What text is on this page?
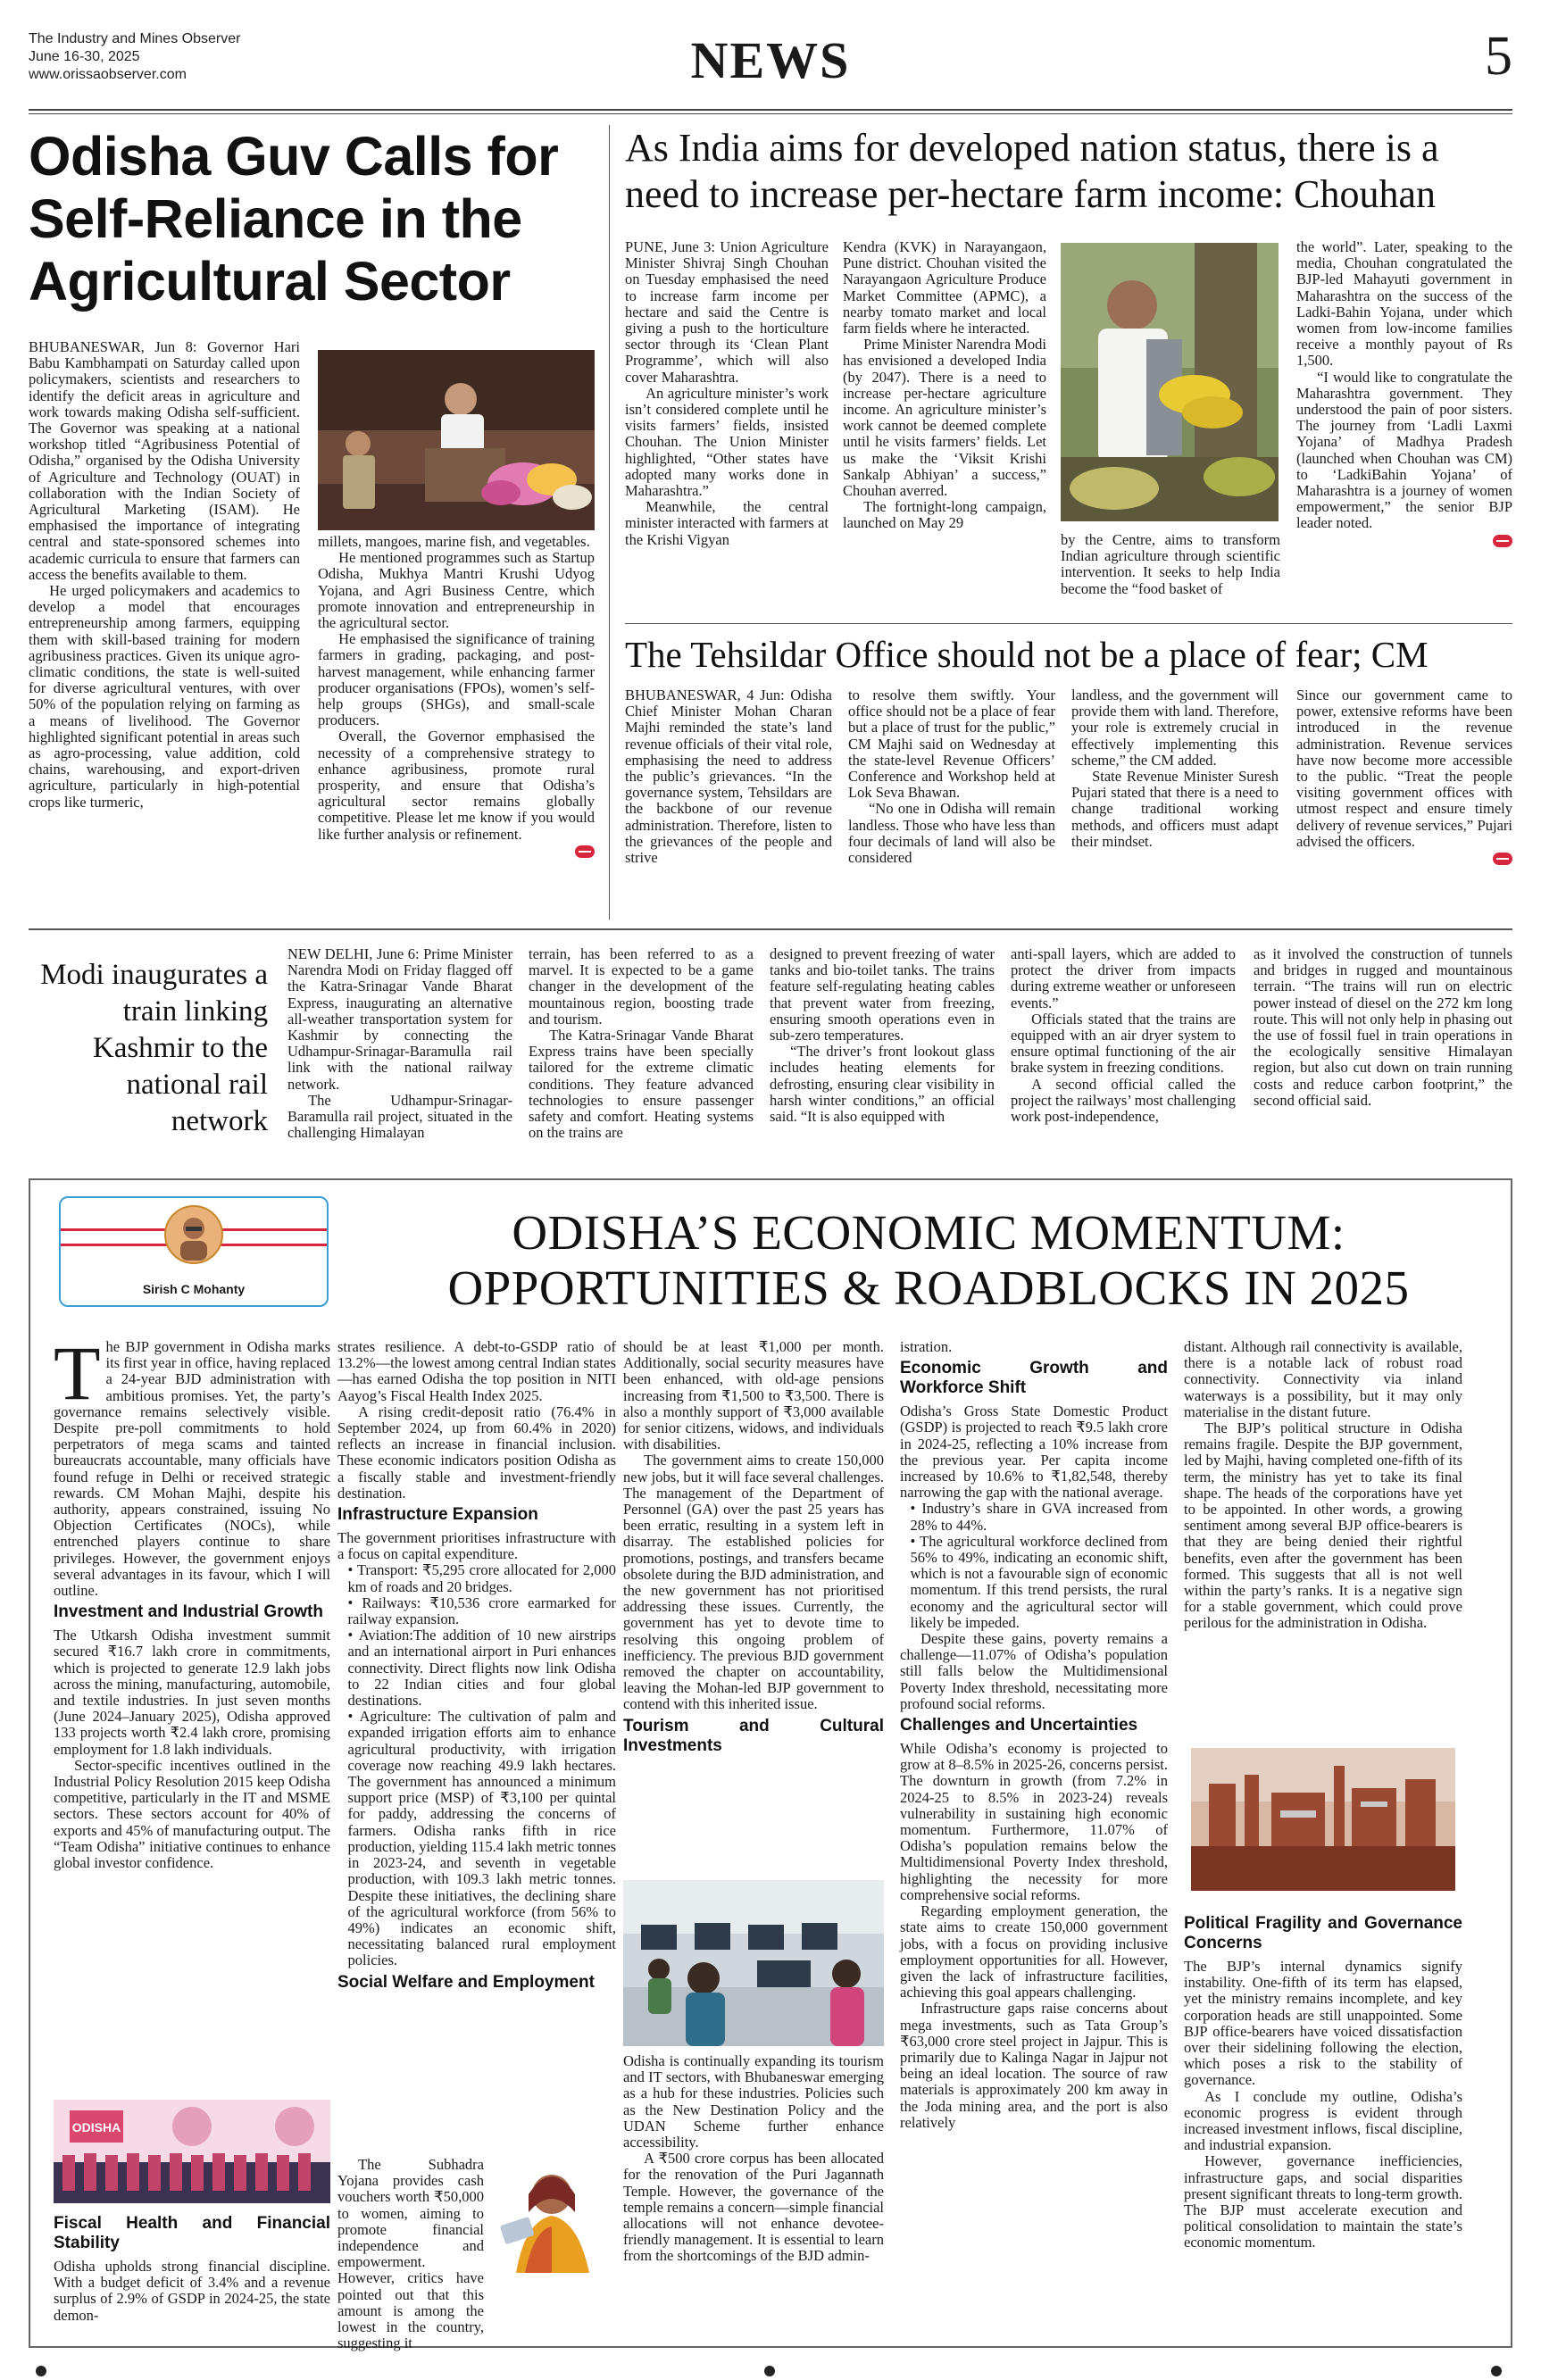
The Industry and Mines Observer
June 16-30, 2025
www.orissaobserver.com	NEWS	5
Odisha Guv Calls for Self-Reliance in the Agricultural Sector

BHUBANESWAR, Jun 8: Governor Hari Babu Kambhampati on Saturday called upon policymakers, scientists and researchers to identify the deficit areas in agriculture and work towards making Odisha self-sufficient. The Governor was speaking at a national workshop titled “Agribusiness Potential of Odisha,” organised by the Odisha University of Agriculture and Technology (OUAT) in collaboration with the Indian Society of Agricultural Marketing (ISAM). He emphasised the importance of integrating central and state-sponsored schemes into academic curricula to ensure that farmers can access the benefits available to them.

He urged policymakers and academics to develop a model that encourages entrepreneurship among farmers, equipping them with skill-based training for modern agribusiness practices. Given its unique agro-climatic conditions, the state is well-suited for diverse agricultural ventures, with over 50% of the population relying on farming as a means of livelihood. The Governor highlighted significant potential in areas such as agro-processing, value addition, cold chains, warehousing, and export-driven agriculture, particularly in high-potential crops like turmeric,

millets, mangoes, marine fish, and vegetables.

He mentioned programmes such as Startup Odisha, Mukhya Mantri Krushi Udyog Yojana, and Agri Business Centre, which promote innovation and entrepreneurship in the agricultural sector.

He emphasised the significance of training farmers in grading, packaging, and post-harvest management, while enhancing farmer producer organisations (FPOs), women’s self-help groups (SHGs), and small-scale producers.

Overall, the Governor emphasised the necessity of a comprehensive strategy to enhance agribusiness, promote rural prosperity, and ensure that Odisha’s agricultural sector remains globally competitive. Please let me know if you would like further analysis or refinement.

As India aims for developed nation status, there is a need to increase per-hectare farm income: Chouhan

PUNE, June 3: Union Agriculture Minister Shivraj Singh Chouhan on Tuesday emphasised the need to increase farm income per hectare and said the Centre is giving a push to the horticulture sector through its ‘Clean Plant Programme’, which will also cover Maharashtra.

An agriculture minister’s work isn’t considered complete until he visits farmers’ fields, insisted Chouhan. The Union Minister highlighted, “Other states have adopted many works done in Maharashtra.”

Meanwhile, the central minister interacted with farmers at the Krishi Vigyan

Kendra (KVK) in Narayangaon, Pune district. Chouhan visited the Narayangaon Agriculture Produce Market Committee (APMC), a nearby tomato market and local farm fields where he interacted.

Prime Minister Narendra Modi has envisioned a developed India (by 2047). There is a need to increase per-hectare agriculture income. An agriculture minister’s work cannot be deemed complete until he visits farmers’ fields. Let us make the ‘Viksit Krishi Sankalp Abhiyan’ a success,” Chouhan averred.

The fortnight-long campaign, launched on May 29

by the Centre, aims to transform Indian agriculture through scientific intervention. It seeks to help India become the “food basket of

the world”. Later, speaking to the media, Chouhan congratulated the BJP-led Mahayuti government in Maharashtra on the success of the Ladki-Bahin Yojana, under which women from low-income families receive a monthly payout of Rs 1,500.

“I would like to congratulate the Maharashtra government. They understood the pain of poor sisters. The journey from ‘Ladli Laxmi Yojana’ of Madhya Pradesh (launched when Chouhan was CM) to ‘LadkiBahin Yojana’ of Maharashtra is a journey of women empowerment,” the senior BJP leader noted.

The Tehsildar Office should not be a place of fear; CM

BHUBANESWAR, 4 Jun: Odisha Chief Minister Mohan Charan Majhi reminded the state’s land revenue officials of their vital role, emphasising the need to address the public’s grievances. “In the governance system, Tehsildars are the backbone of our revenue administration. Therefore, listen to the grievances of the people and strive

to resolve them swiftly. Your office should not be a place of fear but a place of trust for the public,” CM Majhi said on Wednesday at the state-level Revenue Officers’ Conference and Workshop held at Lok Seva Bhawan.

“No one in Odisha will remain landless. Those who have less than four decimals of land will also be considered

landless, and the government will provide them with land. Therefore, your role is extremely crucial in effectively implementing this scheme,” the CM added.

State Revenue Minister Suresh Pujari stated that there is a need to change traditional working methods, and officers must adapt their mindset.

Since our government came to power, extensive reforms have been introduced in the revenue administration. Revenue services have now become more accessible to the public. “Treat the people visiting government offices with utmost respect and ensure timely delivery of revenue services,” Pujari advised the officers.

Modi inaugurates a train linking Kashmir to the national rail network

NEW DELHI, June 6: Prime Minister Narendra Modi on Friday flagged off the Katra-Srinagar Vande Bharat Express, inaugurating an alternative all-weather transportation system for Kashmir by connecting the Udhampur-Srinagar-Baramulla rail link with the national railway network.

The Udhampur-Srinagar-Baramulla rail project, situated in the challenging Himalayan

terrain, has been referred to as a marvel. It is expected to be a game changer in the development of the mountainous region, boosting trade and tourism.

The Katra-Srinagar Vande Bharat Express trains have been specially tailored for the extreme climatic conditions. They feature advanced technologies to ensure passenger safety and comfort. Heating systems on the trains are

designed to prevent freezing of water tanks and bio-toilet tanks. The trains feature self-regulating heating cables that prevent water from freezing, ensuring smooth operations even in sub-zero temperatures.

“The driver’s front lookout glass includes heating elements for defrosting, ensuring clear visibility in harsh winter conditions,” an official said. “It is also equipped with

anti-spall layers, which are added to protect the driver from impacts during extreme weather or unforeseen events.”

Officials stated that the trains are equipped with an air dryer system to ensure optimal functioning of the air brake system in freezing conditions.

A second official called the project the railways’ most challenging work post-independence,

as it involved the construction of tunnels and bridges in rugged and mountainous terrain. “The trains will run on electric power instead of diesel on the 272 km long route. This will not only help in phasing out the use of fossil fuel in train operations in the ecologically sensitive Himalayan region, but also cut down on train running costs and reduce carbon footprint,” the second official said.

Sirish C Mohanty
ODISHA’S ECONOMIC MOMENTUM:
OPPORTUNITIES & ROADBLOCKS IN 2025

The BJP government in Odisha marks its first year in office, having replaced a 24-year BJD administration with ambitious promises. Yet, the party’s governance remains selectively visible. Despite pre-poll commitments to hold perpetrators of mega scams and tainted bureaucrats accountable, many officials have found refuge in Delhi or received strategic rewards. CM Mohan Majhi, despite his authority, appears constrained, issuing No Objection Certificates (NOCs), while entrenched players continue to share privileges. However, the government enjoys several advantages in its favour, which I will outline.

Investment and Industrial Growth

The Utkarsh Odisha investment summit secured ₹16.7 lakh crore in commitments, which is projected to generate 12.9 lakh jobs across the mining, manufacturing, automobile, and textile industries. In just seven months (June 2024–January 2025), Odisha approved 133 projects worth ₹2.4 lakh crore, promising employment for 1.8 lakh individuals.

Sector-specific incentives outlined in the Industrial Policy Resolution 2015 keep Odisha competitive, particularly in the IT and MSME sectors. These sectors account for 40% of exports and 45% of manufacturing output. The “Team Odisha” initiative continues to enhance global investor confidence.

ODISHA
Fiscal Health and Financial Stability

Odisha upholds strong financial discipline. With a budget deficit of 3.4% and a revenue surplus of 2.9% of GSDP in 2024-25, the state demon-

strates resilience. A debt-to-GSDP ratio of 13.2%—the lowest among central Indian states—has earned Odisha the top position in NITI Aayog’s Fiscal Health Index 2025.

A rising credit-deposit ratio (76.4% in September 2024, up from 60.4% in 2020) reflects an increase in financial inclusion. These economic indicators position Odisha as a fiscally stable and investment-friendly destination.

Infrastructure Expansion

The government prioritises infrastructure with a focus on capital expenditure.

• Transport: ₹5,295 crore allocated for 2,000 km of roads and 20 bridges.

• Railways: ₹10,536 crore earmarked for railway expansion.

• Aviation:The addition of 10 new airstrips and an international airport in Puri enhances connectivity. Direct flights now link Odisha to 22 Indian cities and four global destinations.

• Agriculture: The cultivation of palm and expanded irrigation efforts aim to enhance agricultural productivity, with irrigation coverage now reaching 49.9 lakh hectares. The government has announced a minimum support price (MSP) of ₹3,100 per quintal for paddy, addressing the concerns of farmers. Odisha ranks fifth in rice production, yielding 115.4 lakh metric tonnes in 2023-24, and seventh in vegetable production, with 109.3 lakh metric tonnes. Despite these initiatives, the declining share of the agricultural workforce (from 56% to 49%) indicates an economic shift, necessitating balanced rural employment policies.

Social Welfare and Employment

The Subhadra Yojana provides cash vouchers worth ₹50,000 to women, aiming to promote financial independence and empowerment. However, critics have pointed out that this amount is among the lowest in the country, suggesting it

should be at least ₹1,000 per month. Additionally, social security measures have been enhanced, with old-age pensions increasing from ₹1,500 to ₹3,500. There is also a monthly support of ₹3,000 available for senior citizens, widows, and individuals with disabilities.

The government aims to create 150,000 new jobs, but it will face several challenges. The management of the Department of Personnel (GA) over the past 25 years has been erratic, resulting in a system left in disarray. The established policies for promotions, postings, and transfers became obsolete during the BJD administration, and the new government has not prioritised addressing these issues. Currently, the government has yet to devote time to resolving this ongoing problem of inefficiency. The previous BJD government removed the chapter on accountability, leaving the Mohan-led BJP government to contend with this inherited issue.

Tourism and Cultural Investments

Odisha is continually expanding its tourism and IT sectors, with Bhubaneswar emerging as a hub for these industries. Policies such as the New Destination Policy and the UDAN Scheme further enhance accessibility.

A ₹500 crore corpus has been allocated for the renovation of the Puri Jagannath Temple. However, the governance of the temple remains a concern—simple financial allocations will not enhance devotee-friendly management. It is essential to learn from the shortcomings of the BJD admin-

istration.

Economic Growth and Workforce Shift

Odisha’s Gross State Domestic Product (GSDP) is projected to reach ₹9.5 lakh crore in 2024-25, reflecting a 10% increase from the previous year. Per capita income increased by 10.6% to ₹1,82,548, thereby narrowing the gap with the national average.

• Industry’s share in GVA increased from 28% to 44%.

• The agricultural workforce declined from 56% to 49%, indicating an economic shift, which is not a favourable sign of economic momentum. If this trend persists, the rural economy and the agricultural sector will likely be impeded.

Despite these gains, poverty remains a challenge—11.07% of Odisha’s population still falls below the Multidimensional Poverty Index threshold, necessitating more profound social reforms.

Challenges and Uncertainties

While Odisha’s economy is projected to grow at 8–8.5% in 2025-26, concerns persist. The downturn in growth (from 7.2% in 2024-25 to 8.5% in 2023-24) reveals vulnerability in sustaining high economic momentum. Furthermore, 11.07% of Odisha’s population remains below the Multidimensional Poverty Index threshold, highlighting the necessity for more comprehensive social reforms.

Regarding employment generation, the state aims to create 150,000 government jobs, with a focus on providing inclusive employment opportunities for all. However, given the lack of infrastructure facilities, achieving this goal appears challenging.

Infrastructure gaps raise concerns about mega investments, such as Tata Group’s ₹63,000 crore steel project in Jajpur. This is primarily due to Kalinga Nagar in Jajpur not being an ideal location. The source of raw materials is approximately 200 km away in the Joda mining area, and the port is also relatively

distant. Although rail connectivity is available, there is a notable lack of robust road connectivity. Connectivity via inland waterways is a possibility, but it may only materialise in the distant future.

The BJP’s political structure in Odisha remains fragile. Despite the BJP government, led by Majhi, having completed one-fifth of its term, the ministry has yet to take its final shape. The heads of the corporations have yet to be appointed. In other words, a growing sentiment among several BJP office-bearers is that they are being denied their rightful benefits, even after the government has been formed. This suggests that all is not well within the party’s ranks. It is a negative sign for a stable government, which could prove perilous for the administration in Odisha.

Political Fragility and Governance Concerns

The BJP’s internal dynamics signify instability. One-fifth of its term has elapsed, yet the ministry remains incomplete, and key corporation heads are still unappointed. Some BJP office-bearers have voiced dissatisfaction over their sidelining following the election, which poses a risk to the stability of governance.

As I conclude my outline, Odisha’s economic progress is evident through increased investment inflows, fiscal discipline, and industrial expansion.

However, governance inefficiencies, infrastructure gaps, and social disparities present significant threats to long-term growth. The BJP must accelerate execution and political consolidation to maintain the state’s economic momentum.
